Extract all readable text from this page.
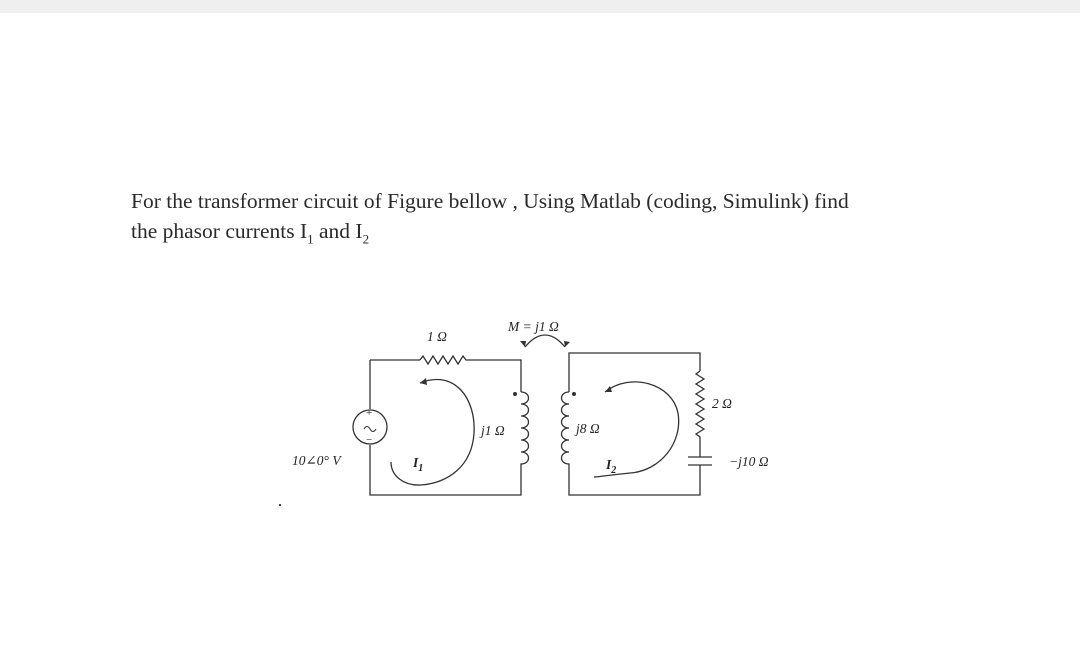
For the transformer circuit of Figure bellow , Using Matlab (coding, Simulink) find

the phasor currents $I_1$ and $I_2$

+
−
10∠0° V
1 Ω
M = j1 Ω
j1 Ω	j8 Ω
2 Ω
−j10 Ω
$I_1$	$I_2$
